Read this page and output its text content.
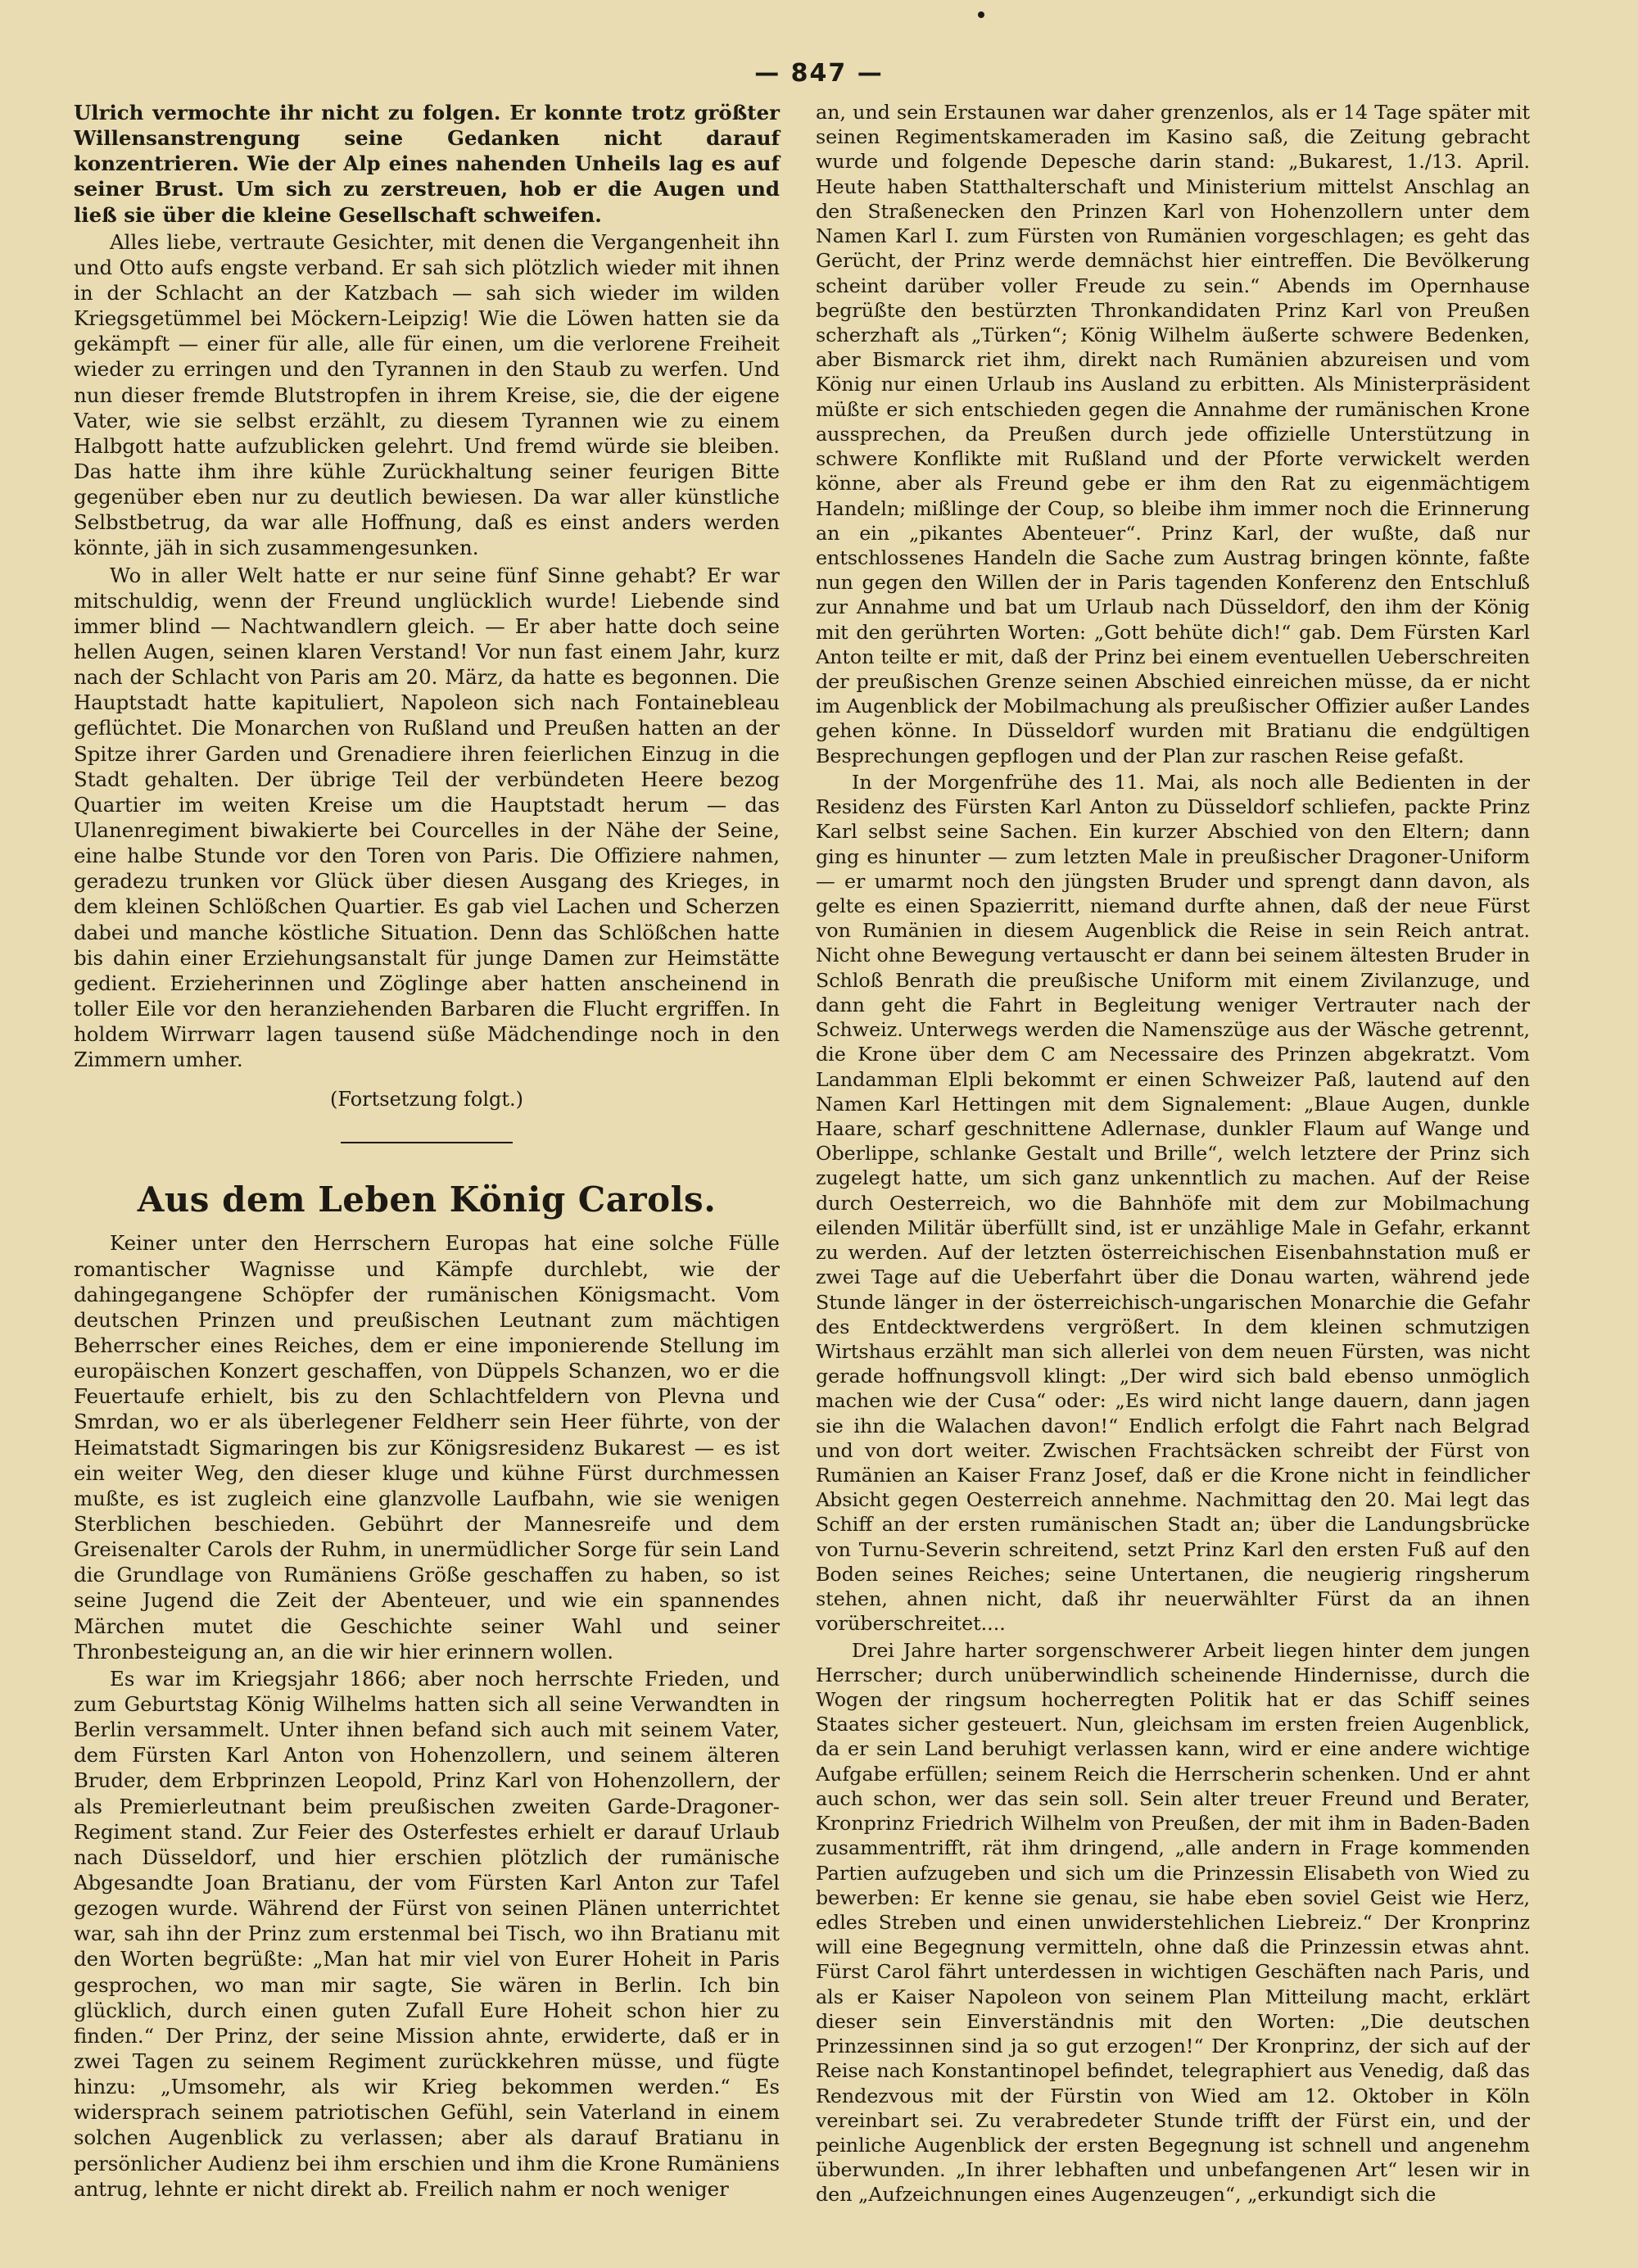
— 847 —

Ulrich vermochte ihr nicht zu folgen. Er konnte trotz größter Willensanstrengung seine Gedanken nicht darauf konzentrieren. Wie der Alp eines nahenden Unheils lag es auf seiner Brust. Um sich zu zerstreuen, hob er die Augen und ließ sie über die kleine Gesellschaft schweifen.

Alles liebe, vertraute Gesichter, mit denen die Vergangenheit ihn und Otto aufs engste verband. Er sah sich plötzlich wieder mit ihnen in der Schlacht an der Katzbach — sah sich wieder im wilden Kriegsgetümmel bei Möckern-Leipzig! Wie die Löwen hatten sie da gekämpft — einer für alle, alle für einen, um die verlorene Freiheit wieder zu erringen und den Tyrannen in den Staub zu werfen. Und nun dieser fremde Blutstropfen in ihrem Kreise, sie, die der eigene Vater, wie sie selbst erzählt, zu diesem Tyrannen wie zu einem Halbgott hatte aufzublicken gelehrt. Und fremd würde sie bleiben. Das hatte ihm ihre kühle Zurückhaltung seiner feurigen Bitte gegenüber eben nur zu deutlich bewiesen. Da war aller künstliche Selbstbetrug, da war alle Hoffnung, daß es einst anders werden könnte, jäh in sich zusammengesunken.

Wo in aller Welt hatte er nur seine fünf Sinne gehabt? Er war mitschuldig, wenn der Freund unglücklich wurde! Liebende sind immer blind — Nachtwandlern gleich. — Er aber hatte doch seine hellen Augen, seinen klaren Verstand! Vor nun fast einem Jahr, kurz nach der Schlacht von Paris am 20. März, da hatte es begonnen. Die Hauptstadt hatte kapituliert, Napoleon sich nach Fontainebleau geflüchtet. Die Monarchen von Rußland und Preußen hatten an der Spitze ihrer Garden und Grenadiere ihren feierlichen Einzug in die Stadt gehalten. Der übrige Teil der verbündeten Heere bezog Quartier im weiten Kreise um die Hauptstadt herum — das Ulanenregiment biwakierte bei Courcelles in der Nähe der Seine, eine halbe Stunde vor den Toren von Paris. Die Offiziere nahmen, geradezu trunken vor Glück über diesen Ausgang des Krieges, in dem kleinen Schlößchen Quartier. Es gab viel Lachen und Scherzen dabei und manche köstliche Situation. Denn das Schlößchen hatte bis dahin einer Erziehungsanstalt für junge Damen zur Heimstätte gedient. Erzieherinnen und Zöglinge aber hatten anscheinend in toller Eile vor den heranziehenden Barbaren die Flucht ergriffen. In holdem Wirrwarr lagen tausend süße Mädchendinge noch in den Zimmern umher.

(Fortsetzung folgt.)
Aus dem Leben König Carols.

Keiner unter den Herrschern Europas hat eine solche Fülle romantischer Wagnisse und Kämpfe durchlebt, wie der dahingegangene Schöpfer der rumänischen Königsmacht. Vom deutschen Prinzen und preußischen Leutnant zum mächtigen Beherrscher eines Reiches, dem er eine imponierende Stellung im europäischen Konzert geschaffen, von Düppels Schanzen, wo er die Feuertaufe erhielt, bis zu den Schlachtfeldern von Plevna und Smrdan, wo er als überlegener Feldherr sein Heer führte, von der Heimatstadt Sigmaringen bis zur Königsresidenz Bukarest — es ist ein weiter Weg, den dieser kluge und kühne Fürst durchmessen mußte, es ist zugleich eine glanzvolle Laufbahn, wie sie wenigen Sterblichen beschieden. Gebührt der Mannesreife und dem Greisenalter Carols der Ruhm, in unermüdlicher Sorge für sein Land die Grundlage von Rumäniens Größe geschaffen zu haben, so ist seine Jugend die Zeit der Abenteuer, und wie ein spannendes Märchen mutet die Geschichte seiner Wahl und seiner Thronbesteigung an, an die wir hier erinnern wollen.

Es war im Kriegsjahr 1866; aber noch herrschte Frieden, und zum Geburtstag König Wilhelms hatten sich all seine Verwandten in Berlin versammelt. Unter ihnen befand sich auch mit seinem Vater, dem Fürsten Karl Anton von Hohenzollern, und seinem älteren Bruder, dem Erbprinzen Leopold, Prinz Karl von Hohenzollern, der als Premierleutnant beim preußischen zweiten Garde-Dragoner-Regiment stand. Zur Feier des Osterfestes erhielt er darauf Urlaub nach Düsseldorf, und hier erschien plötzlich der rumänische Abgesandte Joan Bratianu, der vom Fürsten Karl Anton zur Tafel gezogen wurde. Während der Fürst von seinen Plänen unterrichtet war, sah ihn der Prinz zum erstenmal bei Tisch, wo ihn Bratianu mit den Worten begrüßte: „Man hat mir viel von Eurer Hoheit in Paris gesprochen, wo man mir sagte, Sie wären in Berlin. Ich bin glücklich, durch einen guten Zufall Eure Hoheit schon hier zu finden.“ Der Prinz, der seine Mission ahnte, erwiderte, daß er in zwei Tagen zu seinem Regiment zurückkehren müsse, und fügte hinzu: „Umsomehr, als wir Krieg bekommen werden.“ Es widersprach seinem patriotischen Gefühl, sein Vaterland in einem solchen Augenblick zu verlassen; aber als darauf Bratianu in persönlicher Audienz bei ihm erschien und ihm die Krone Rumäniens antrug, lehnte er nicht direkt ab. Freilich nahm er noch weniger

an, und sein Erstaunen war daher grenzenlos, als er 14 Tage später mit seinen Regimentskameraden im Kasino saß, die Zeitung gebracht wurde und folgende Depesche darin stand: „Bukarest, 1./13. April. Heute haben Statthalterschaft und Ministerium mittelst Anschlag an den Straßenecken den Prinzen Karl von Hohenzollern unter dem Namen Karl I. zum Fürsten von Rumänien vorgeschlagen; es geht das Gerücht, der Prinz werde demnächst hier eintreffen. Die Bevölkerung scheint darüber voller Freude zu sein.“ Abends im Opernhause begrüßte den bestürzten Thronkandidaten Prinz Karl von Preußen scherzhaft als „Türken“; König Wilhelm äußerte schwere Bedenken, aber Bismarck riet ihm, direkt nach Rumänien abzureisen und vom König nur einen Urlaub ins Ausland zu erbitten. Als Ministerpräsident müßte er sich entschieden gegen die Annahme der rumänischen Krone aussprechen, da Preußen durch jede offizielle Unterstützung in schwere Konflikte mit Rußland und der Pforte verwickelt werden könne, aber als Freund gebe er ihm den Rat zu eigenmächtigem Handeln; mißlinge der Coup, so bleibe ihm immer noch die Erinnerung an ein „pikantes Abenteuer“. Prinz Karl, der wußte, daß nur entschlossenes Handeln die Sache zum Austrag bringen könnte, faßte nun gegen den Willen der in Paris tagenden Konferenz den Entschluß zur Annahme und bat um Urlaub nach Düsseldorf, den ihm der König mit den gerührten Worten: „Gott behüte dich!“ gab. Dem Fürsten Karl Anton teilte er mit, daß der Prinz bei einem eventuellen Ueberschreiten der preußischen Grenze seinen Abschied einreichen müsse, da er nicht im Augenblick der Mobilmachung als preußischer Offizier außer Landes gehen könne. In Düsseldorf wurden mit Bratianu die endgültigen Besprechungen gepflogen und der Plan zur raschen Reise gefaßt.

In der Morgenfrühe des 11. Mai, als noch alle Bedienten in der Residenz des Fürsten Karl Anton zu Düsseldorf schliefen, packte Prinz Karl selbst seine Sachen. Ein kurzer Abschied von den Eltern; dann ging es hinunter — zum letzten Male in preußischer Dragoner-Uniform — er umarmt noch den jüngsten Bruder und sprengt dann davon, als gelte es einen Spazierritt, niemand durfte ahnen, daß der neue Fürst von Rumänien in diesem Augenblick die Reise in sein Reich antrat. Nicht ohne Bewegung vertauscht er dann bei seinem ältesten Bruder in Schloß Benrath die preußische Uniform mit einem Zivilanzuge, und dann geht die Fahrt in Begleitung weniger Vertrauter nach der Schweiz. Unterwegs werden die Namenszüge aus der Wäsche getrennt, die Krone über dem C am Necessaire des Prinzen abgekratzt. Vom Landamman Elpli bekommt er einen Schweizer Paß, lautend auf den Namen Karl Hettingen mit dem Signalement: „Blaue Augen, dunkle Haare, scharf geschnittene Adlernase, dunkler Flaum auf Wange und Oberlippe, schlanke Gestalt und Brille“, welch letztere der Prinz sich zugelegt hatte, um sich ganz unkenntlich zu machen. Auf der Reise durch Oesterreich, wo die Bahnhöfe mit dem zur Mobilmachung eilenden Militär überfüllt sind, ist er unzählige Male in Gefahr, erkannt zu werden. Auf der letzten österreichischen Eisenbahnstation muß er zwei Tage auf die Ueberfahrt über die Donau warten, während jede Stunde länger in der österreichisch-ungarischen Monarchie die Gefahr des Entdecktwerdens vergrößert. In dem kleinen schmutzigen Wirtshaus erzählt man sich allerlei von dem neuen Fürsten, was nicht gerade hoffnungsvoll klingt: „Der wird sich bald ebenso unmöglich machen wie der Cusa“ oder: „Es wird nicht lange dauern, dann jagen sie ihn die Walachen davon!“ Endlich erfolgt die Fahrt nach Belgrad und von dort weiter. Zwischen Frachtsäcken schreibt der Fürst von Rumänien an Kaiser Franz Josef, daß er die Krone nicht in feindlicher Absicht gegen Oesterreich annehme. Nachmittag den 20. Mai legt das Schiff an der ersten rumänischen Stadt an; über die Landungsbrücke von Turnu-Severin schreitend, setzt Prinz Karl den ersten Fuß auf den Boden seines Reiches; seine Untertanen, die neugierig ringsherum stehen, ahnen nicht, daß ihr neuerwählter Fürst da an ihnen vorüberschreitet....

Drei Jahre harter sorgenschwerer Arbeit liegen hinter dem jungen Herrscher; durch unüberwindlich scheinende Hindernisse, durch die Wogen der ringsum hocherregten Politik hat er das Schiff seines Staates sicher gesteuert. Nun, gleichsam im ersten freien Augenblick, da er sein Land beruhigt verlassen kann, wird er eine andere wichtige Aufgabe erfüllen; seinem Reich die Herrscherin schenken. Und er ahnt auch schon, wer das sein soll. Sein alter treuer Freund und Berater, Kronprinz Friedrich Wilhelm von Preußen, der mit ihm in Baden-Baden zusammentrifft, rät ihm dringend, „alle andern in Frage kommenden Partien aufzugeben und sich um die Prinzessin Elisabeth von Wied zu bewerben: Er kenne sie genau, sie habe eben soviel Geist wie Herz, edles Streben und einen unwiderstehlichen Liebreiz.“ Der Kronprinz will eine Begegnung vermitteln, ohne daß die Prinzessin etwas ahnt. Fürst Carol fährt unterdessen in wichtigen Geschäften nach Paris, und als er Kaiser Napoleon von seinem Plan Mitteilung macht, erklärt dieser sein Einverständnis mit den Worten: „Die deutschen Prinzessinnen sind ja so gut erzogen!“ Der Kronprinz, der sich auf der Reise nach Konstantinopel befindet, telegraphiert aus Venedig, daß das Rendezvous mit der Fürstin von Wied am 12. Oktober in Köln vereinbart sei. Zu verabredeter Stunde trifft der Fürst ein, und der peinliche Augenblick der ersten Begegnung ist schnell und angenehm überwunden. „In ihrer lebhaften und unbefangenen Art“ lesen wir in den „Aufzeichnungen eines Augenzeugen“, „erkundigt sich die
